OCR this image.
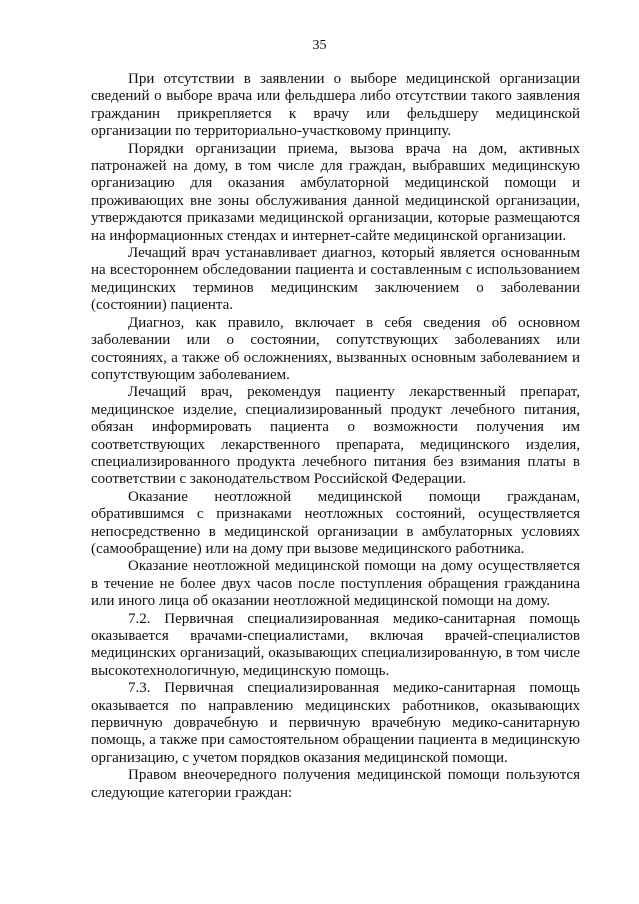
35

При отсутствии в заявлении о выборе медицинской организации сведений о выборе врача или фельдшера либо отсутствии такого заявления гражданин прикрепляется к врачу или фельдшеру медицинской организации по территориально-участковому принципу.

Порядки организации приема, вызова врача на дом, активных патронажей на дому, в том числе для граждан, выбравших медицинскую организацию для оказания амбулаторной медицинской помощи и проживающих вне зоны обслуживания данной медицинской организации, утверждаются приказами медицинской организации, которые размещаются на информационных стендах и интернет-сайте медицинской организации.

Лечащий врач устанавливает диагноз, который является основанным на всестороннем обследовании пациента и составленным с использованием медицинских терминов медицинским заключением о заболевании (состоянии) пациента.

Диагноз, как правило, включает в себя сведения об основном заболевании или о состоянии, сопутствующих заболеваниях или состояниях, а также об осложнениях, вызванных основным заболеванием и сопутствующим заболеванием.

Лечащий врач, рекомендуя пациенту лекарственный препарат, медицинское изделие, специализированный продукт лечебного питания, обязан информировать пациента о возможности получения им соответствующих лекарственного препарата, медицинского изделия, специализированного продукта лечебного питания без взимания платы в соответствии с законодательством Российской Федерации.

Оказание неотложной медицинской помощи гражданам, обратившимся с признаками неотложных состояний, осуществляется непосредственно в медицинской организации в амбулаторных условиях (самообращение) или на дому при вызове медицинского работника.

Оказание неотложной медицинской помощи на дому осуществляется в течение не более двух часов после поступления обращения гражданина или иного лица об оказании неотложной медицинской помощи на дому.

7.2. Первичная специализированная медико-санитарная помощь оказывается врачами-специалистами, включая врачей-специалистов медицинских организаций, оказывающих специализированную, в том числе высокотехнологичную, медицинскую помощь.

7.3. Первичная специализированная медико-санитарная помощь оказывается по направлению медицинских работников, оказывающих первичную доврачебную и первичную врачебную медико-санитарную помощь, а также при самостоятельном обращении пациента в медицинскую организацию, с учетом порядков оказания медицинской помощи.

Правом внеочередного получения медицинской помощи пользуются следующие категории граждан:
